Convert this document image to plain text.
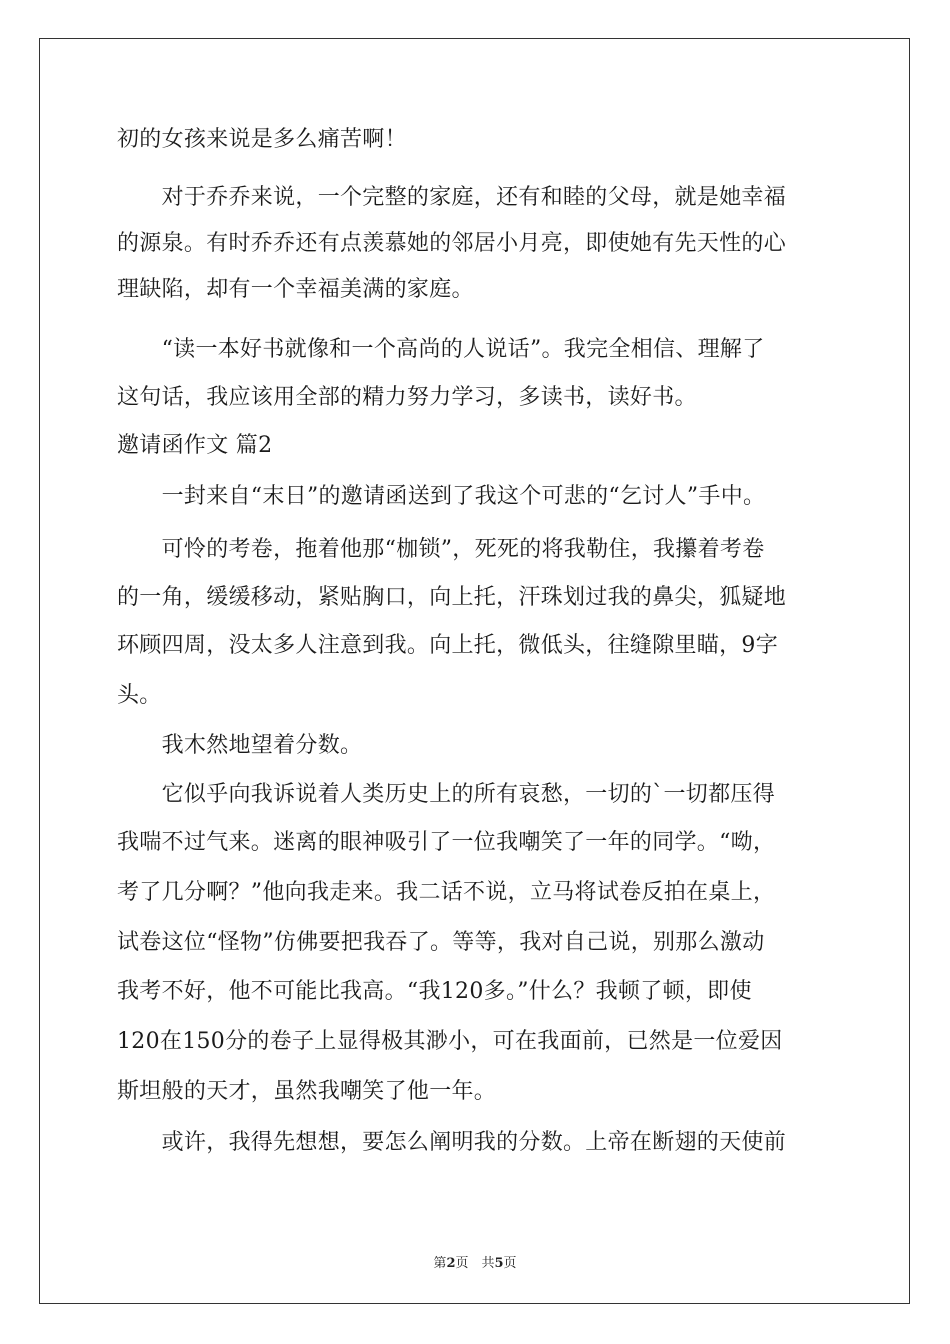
初的女孩来说是多么痛苦啊！
　　对于乔乔来说，一个完整的家庭，还有和睦的父母，就是她幸福
的源泉。有时乔乔还有点羡慕她的邻居小月亮，即使她有先天性的心
理缺陷，却有一个幸福美满的家庭。
　　“读一本好书就像和一个高尚的人说话”。我完全相信、理解了
这句话，我应该用全部的精力努力学习，多读书，读好书。
邀请函作文 篇2
　　一封来自“末日”的邀请函送到了我这个可悲的“乞讨人”手中。
　　可怜的考卷，拖着他那“枷锁”，死死的将我勒住，我攥着考卷
的一角，缓缓移动，紧贴胸口，向上托，汗珠划过我的鼻尖，狐疑地
环顾四周，没太多人注意到我。向上托，微低头，往缝隙里瞄，9字
头。
　　我木然地望着分数。
　　它似乎向我诉说着人类历史上的所有哀愁，一切的`一切都压得
我喘不过气来。迷离的眼神吸引了一位我嘲笑了一年的同学。“呦，
考了几分啊？”他向我走来。我二话不说，立马将试卷反拍在桌上，
试卷这位“怪物”仿佛要把我吞了。等等，我对自己说，别那么激动
我考不好，他不可能比我高。“我120多。”什么？我顿了顿，即使
120在150分的卷子上显得极其渺小，可在我面前，已然是一位爱因
斯坦般的天才，虽然我嘲笑了他一年。
　　或许，我得先想想，要怎么阐明我的分数。上帝在断翅的天使前
第2页　共5页
